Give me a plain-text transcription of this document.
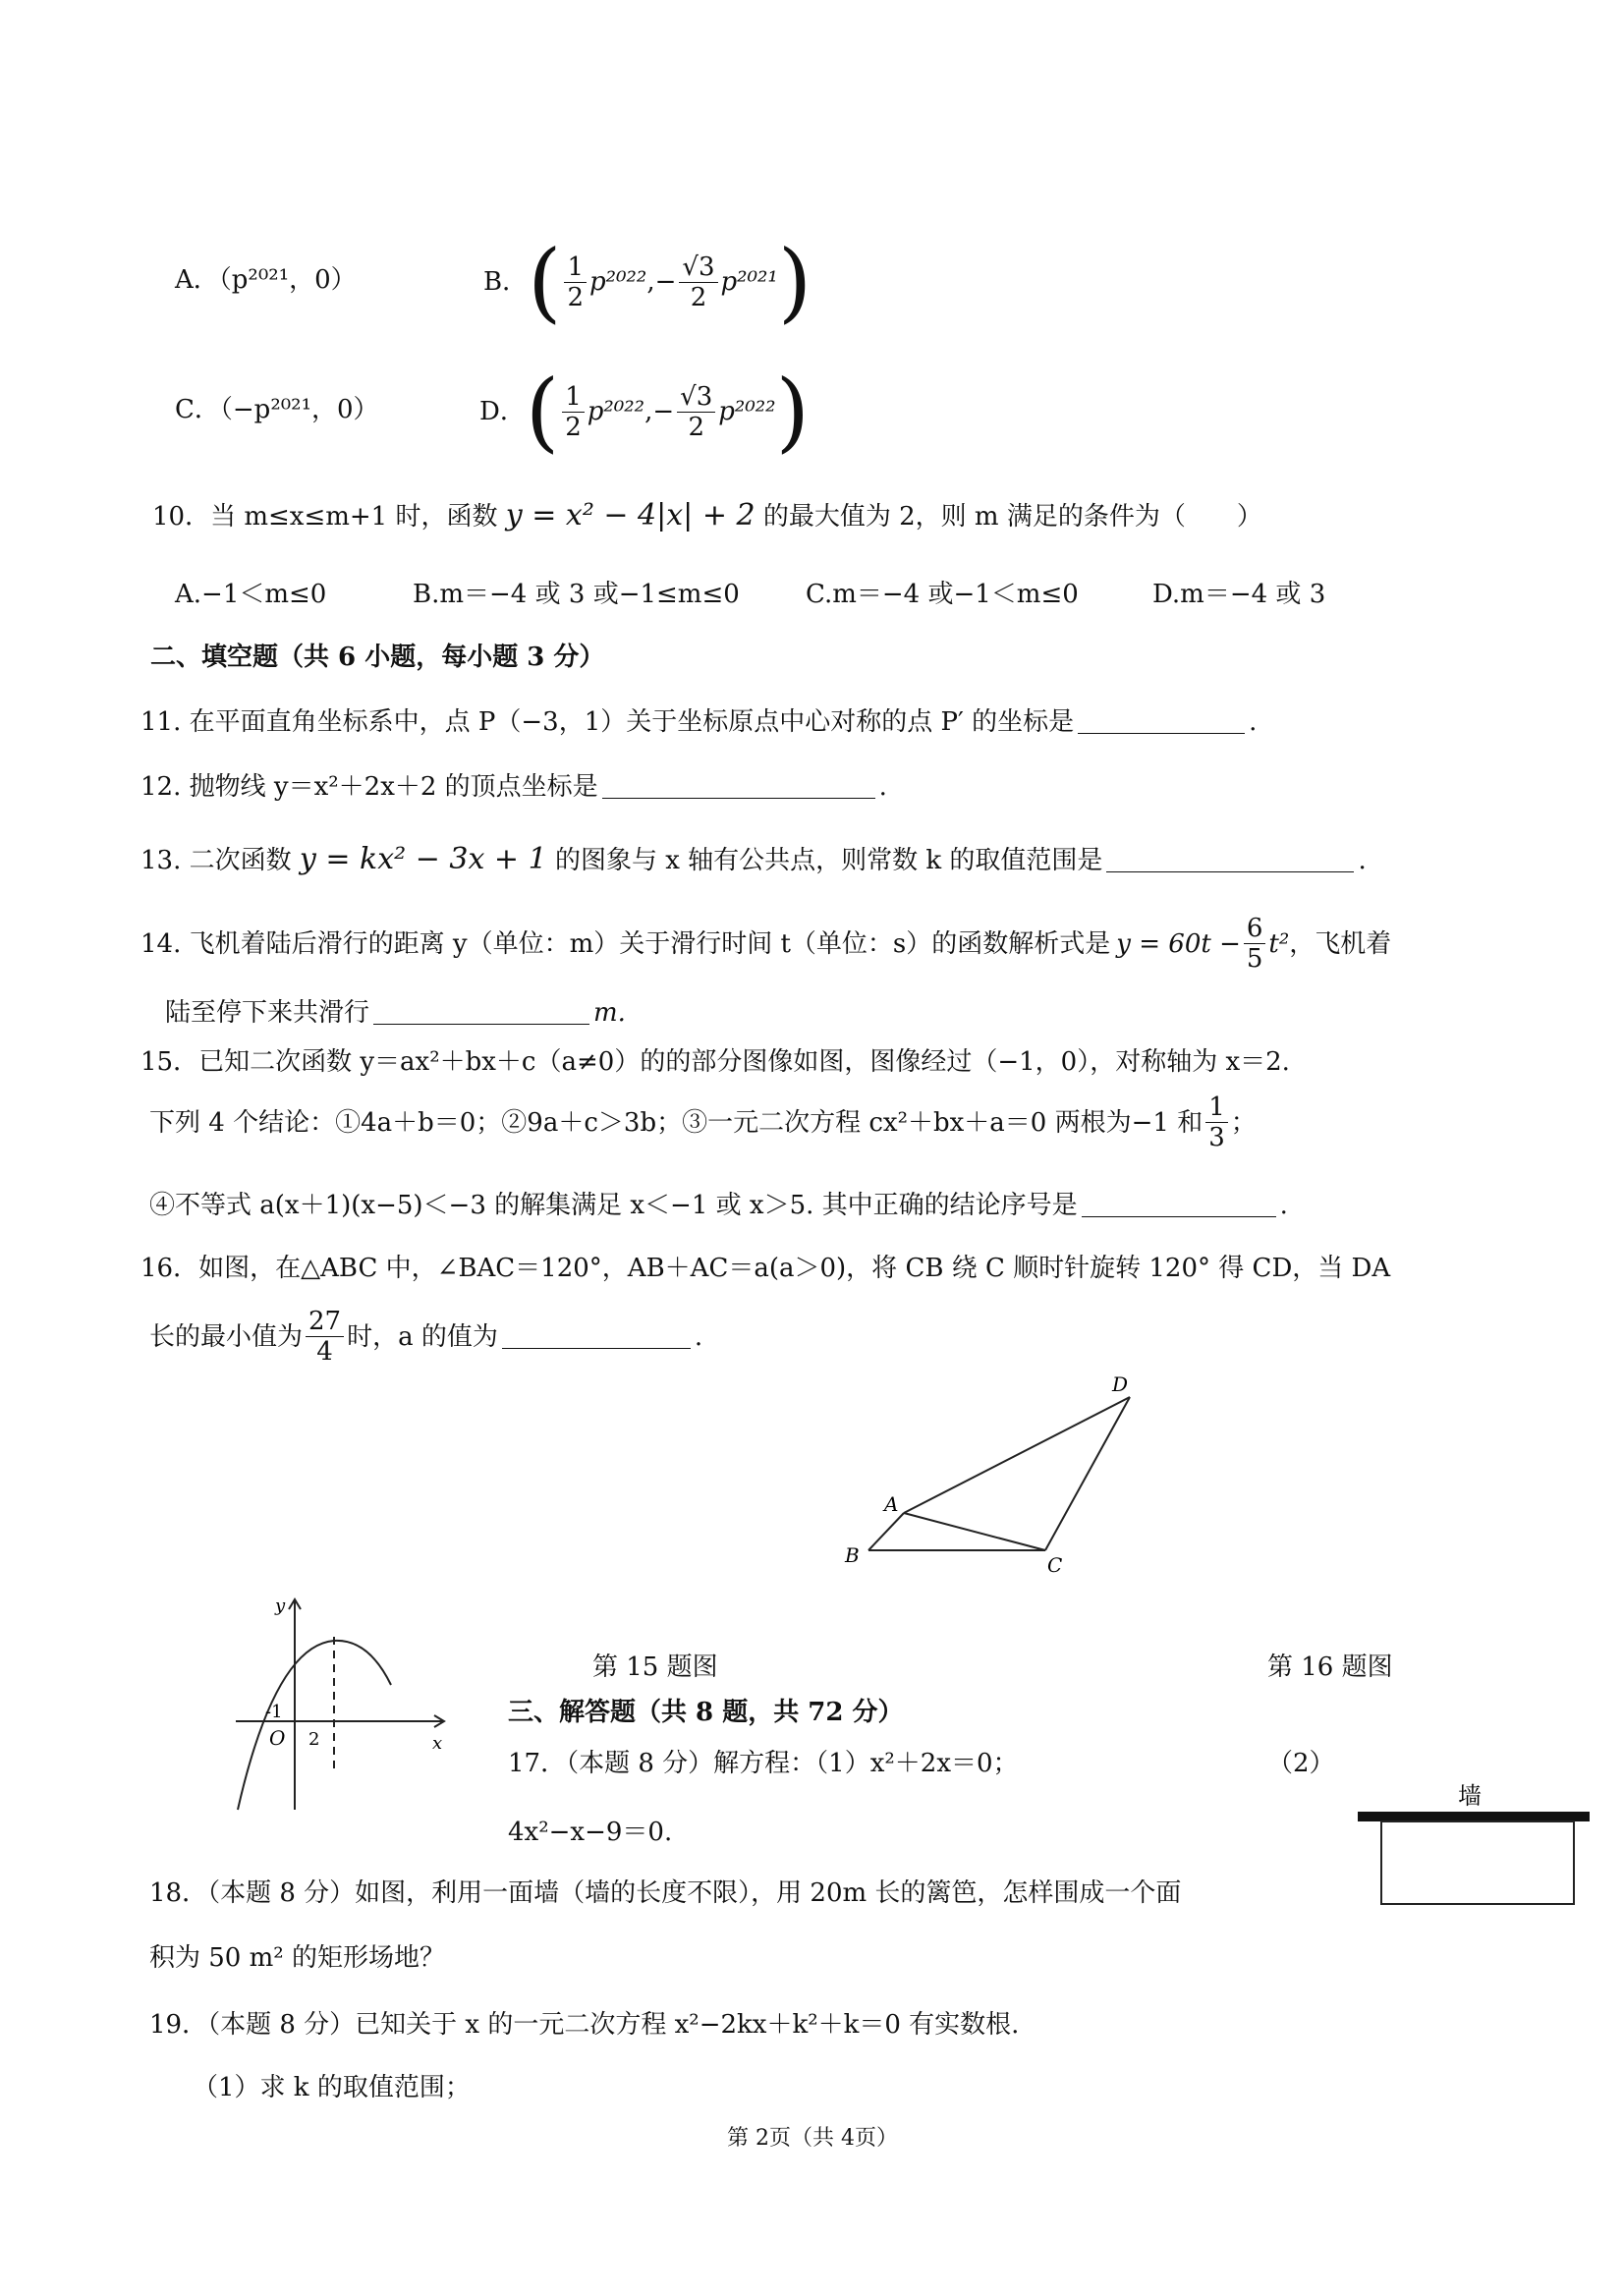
A．（p²⁰²¹，0）	B． ( $\frac{1}{2} p^{2022}$ ,− $\frac{√3}{2} p^{2021}$ )
C．（−p²⁰²¹，0）	D． ( $\frac{1}{2} p^{2022}$ ,− $\frac{√3}{2} p^{2022}$ )
10．当 m≤x≤m+1 时，函数 y = x² − 4|x| + 2 的最大值为 2，则 m 满足的条件为（　　）
A.−1＜m≤0	B.m＝−4 或 3 或−1≤m≤0	C.m＝−4 或−1＜m≤0	D.m＝−4 或 3
二、填空题（共 6 小题，每小题 3 分）
11. 在平面直角坐标系中，点 P（−3，1）关于坐标原点中心对称的点 P′ 的坐标是	.
12. 抛物线 y＝x²＋2x＋2 的顶点坐标是	.
13. 二次函数 y = kx² − 3x + 1 的图象与 x 轴有公共点，则常数 k 的取值范围是	.
14. 飞机着陆后滑行的距离 y（单位：m）关于滑行时间 t（单位：s）的函数解析式是 $y = 60t - \frac{6}{5} t^2$ ，飞机着
陆至停下来共滑行	m.
15．已知二次函数 y＝ax²＋bx＋c（a≠0）的的部分图像如图，图像经过（−1，0），对称轴为 x＝2.
下列 4 个结论：①4a＋b＝0；②9a＋c＞3b；③一元二次方程 cx²＋bx＋a＝0 两根为−1 和 $\frac{1}{3}$ ；
④不等式 a(x＋1)(x−5)＜−3 的解集满足 x＜−1 或 x＞5. 其中正确的结论序号是	.
16．如图，在△ABC 中，∠BAC＝120°，AB＋AC＝a(a＞0)，将 CB 绕 C 顺时针旋转 120° 得 CD，当 DA
长的最小值为 $\frac{27}{4}$ 时，a 的值为	.
A
B	C
D
y
x
-1
O 2
第 15 题图	第 16 题图
三、解答题（共 8 题，共 72 分）
17．（本题 8 分）解方程：（1）x²＋2x＝0；	（2）
4x²−x−9＝0.
墙
18．（本题 8 分）如图，利用一面墙（墙的长度不限），用 20m 长的篱笆，怎样围成一个面
积为 50 m² 的矩形场地？
19．（本题 8 分）已知关于 x 的一元二次方程 x²−2kx＋k²＋k＝0 有实数根.
（1）求 k 的取值范围；
第 2页（共 4页）
